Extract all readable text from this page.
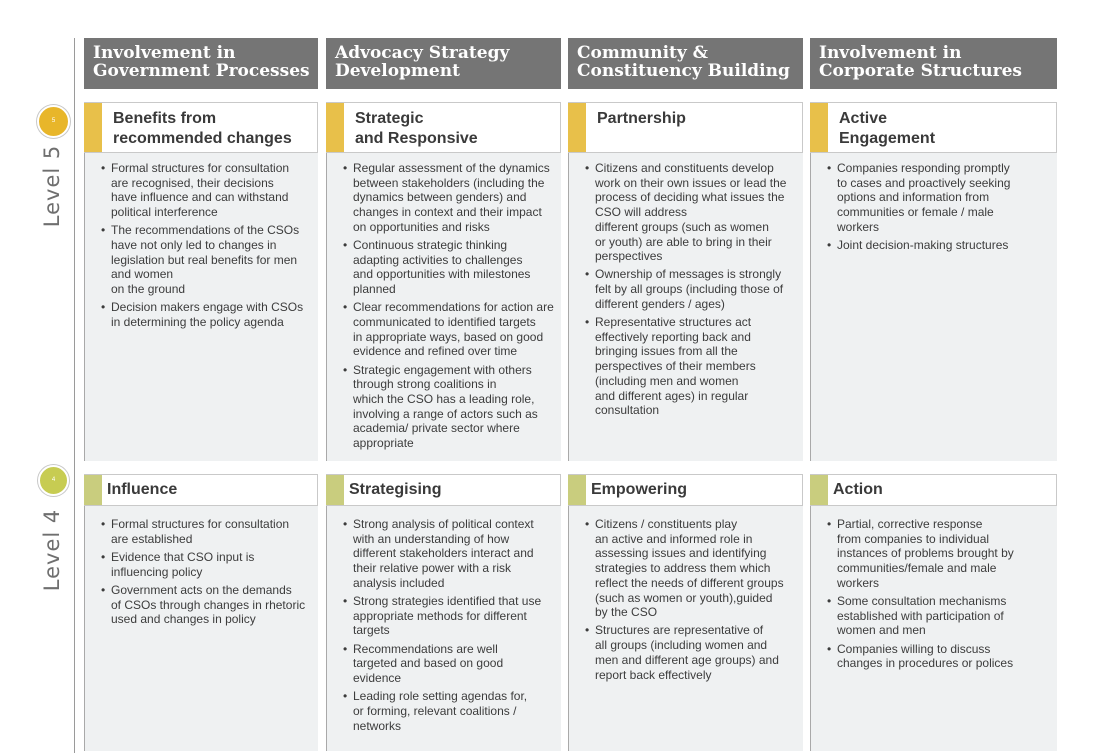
Level 5
5
Level 4
4
Involvement in
Government Processes
Benefits from
recommended changes
• Formal structures for consultation
are recognised, their decisions
have influence and can withstand
political interference
• The recommendations of the CSOs
have not only led to changes in
legislation but real benefits for men
and women
on the ground
• Decision makers engage with CSOs
in determining the policy agenda
Influence
• Formal structures for consultation
are established
• Evidence that CSO input is
influencing policy
• Government acts on the demands
of CSOs through changes in rhetoric
used and changes in policy
Advocacy Strategy
Development
Strategic
and Responsive
• Regular assessment of the dynamics
between stakeholders (including the
dynamics between genders) and
changes in context and their impact
on opportunities and risks
• Continuous strategic thinking
adapting activities to challenges
and opportunities with milestones
planned
• Clear recommendations for action are
communicated to identified targets
in appropriate ways, based on good
evidence and refined over time
• Strategic engagement with others
through strong coalitions in
which the CSO has a leading role,
involving a range of actors such as
academia/ private sector where
appropriate
Strategising
• Strong analysis of political context
with an understanding of how
different stakeholders interact and
their relative power with a risk
analysis included
• Strong strategies identified that use
appropriate methods for different
targets
• Recommendations are well
targeted and based on good
evidence
• Leading role setting agendas for,
or forming, relevant coalitions /
networks
Community &
Constituency Building
Partnership
• Citizens and constituents develop
work on their own issues or lead the
process of deciding what issues the
CSO will address
different groups (such as women
or youth) are able to bring in their
perspectives
• Ownership of messages is strongly
felt by all groups (including those of
different genders / ages)
• Representative structures act
effectively reporting back and
bringing issues from all the
perspectives of their members
(including men and women
and different ages) in regular
consultation
Empowering
• Citizens / constituents play
an active and informed role in
assessing issues and identifying
strategies to address them which
reflect the needs of different groups
(such as women or youth),guided
by the CSO
• Structures are representative of
all groups (including women and
men and different age groups) and
report back effectively
Involvement in
Corporate Structures
Active
Engagement
• Companies responding promptly
to cases and proactively seeking
options and information from
communities or female / male
workers
• Joint decision-making structures
Action
• Partial, corrective response
from companies to individual
instances of problems brought by
communities/female and male
workers
• Some consultation mechanisms
established with participation of
women and men
• Companies willing to discuss
changes in procedures or polices
